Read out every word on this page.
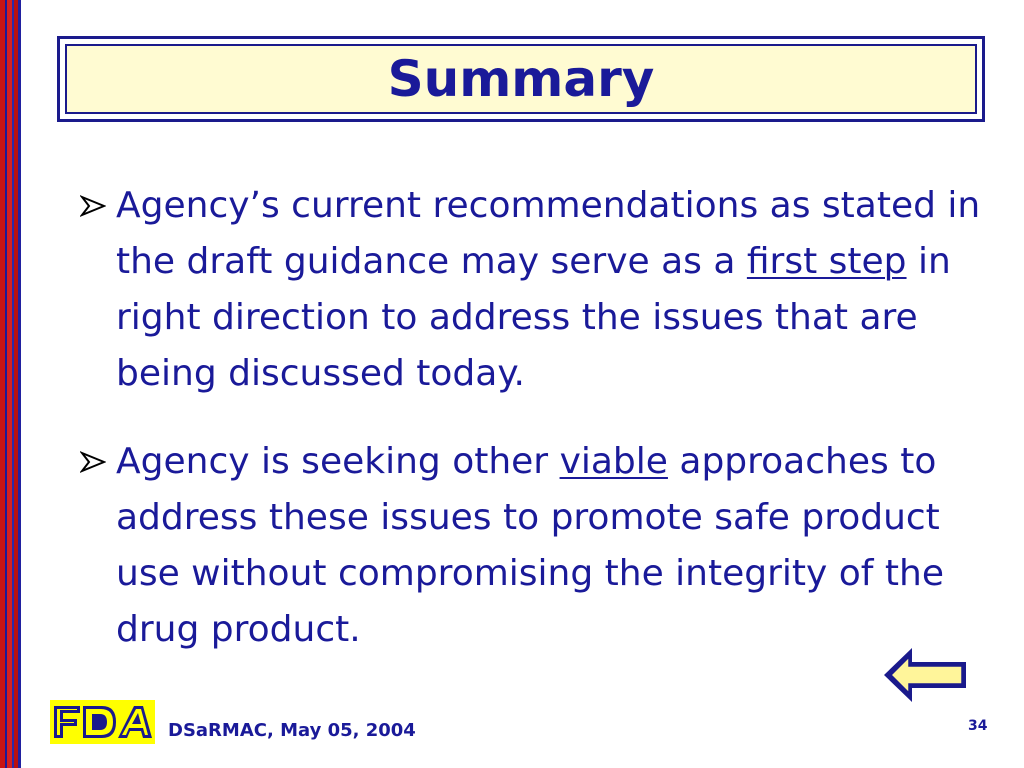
Summary
Agency’s current recommendations as stated in the draft guidance may serve as a first step in right direction to address the issues that are being discussed today.
Agency is seeking other viable approaches to address these issues to promote safe product use without compromising the integrity of the drug product.
DSaRMAC, May 05, 2004	34
